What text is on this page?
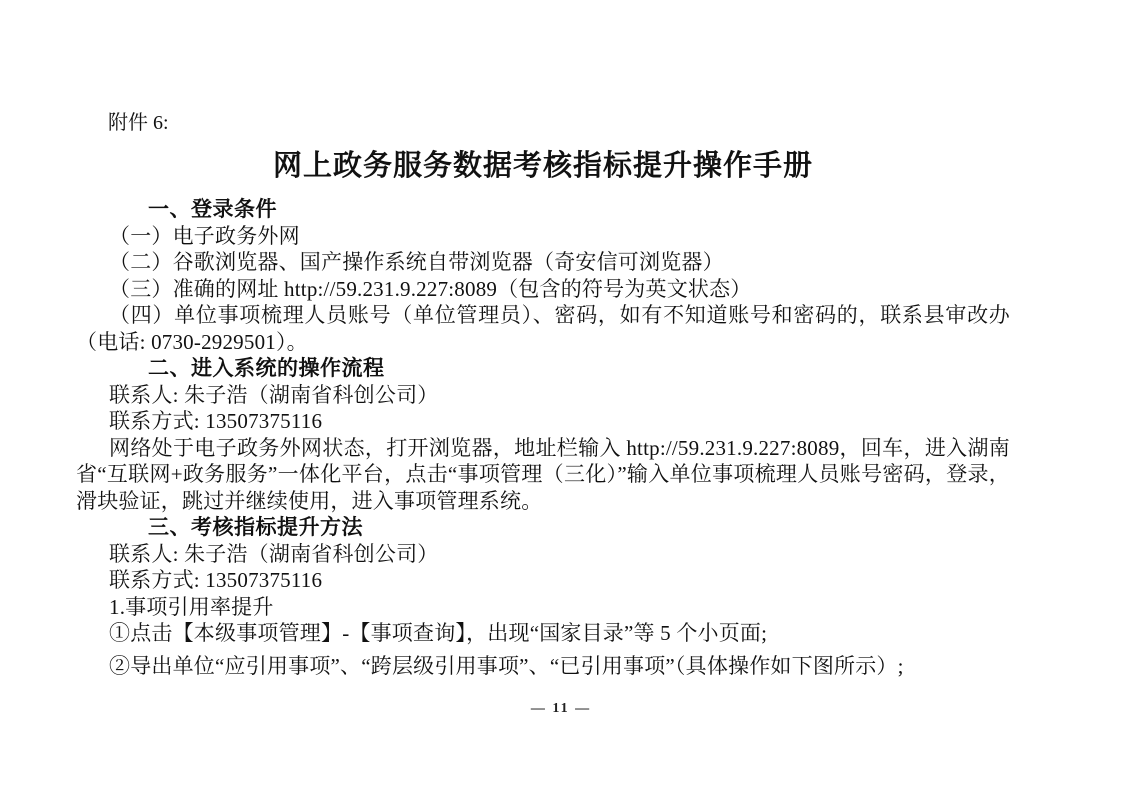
附件 6:
网上政务服务数据考核指标提升操作手册
一、登录条件

（一）电子政务外网

（二）谷歌浏览器、国产操作系统自带浏览器（奇安信可浏览器）

（三）准确的网址 http://59.231.9.227:8089（包含的符号为英文状态）

（四）单位事项梳理人员账号（单位管理员）、密码，如有不知道账号和密码的，联系县审改办（电话: 0730-2929501）。

二、进入系统的操作流程

联系人: 朱子浩（湖南省科创公司）

联系方式: 13507375116

网络处于电子政务外网状态，打开浏览器，地址栏输入 http://59.231.9.227:8089，回车，进入湖南省“互联网+政务服务”一体化平台，点击“事项管理（三化）”输入单位事项梳理人员账号密码，登录，滑块验证，跳过并继续使用，进入事项管理系统。

三、考核指标提升方法

联系人: 朱子浩（湖南省科创公司）

联系方式: 13507375116

1.事项引用率提升

①点击【本级事项管理】-【事项查询】，出现“国家目录”等 5 个小页面;

②导出单位“应引用事项”、“跨层级引用事项”、“已引用事项”（具体操作如下图所示）;

— 11 —
